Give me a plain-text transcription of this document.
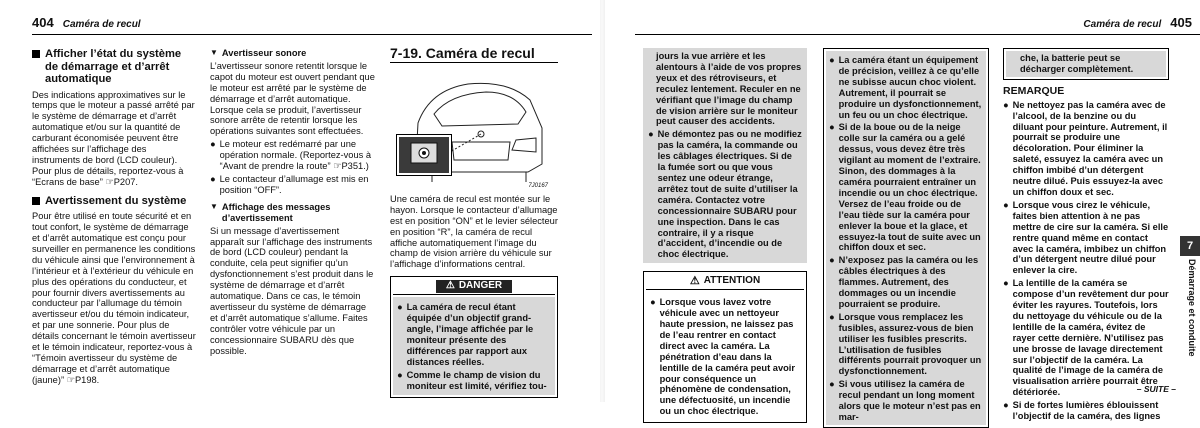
404 Caméra de recul
Afficher l’état du système de démarrage et d’arrêt automatique

Des indications approximatives sur le temps que le moteur a passé arrêté par le système de démarrage et d’arrêt automatique et/ou sur la quantité de carburant économisée peuvent être affichées sur l’affichage des instruments de bord (LCD couleur). Pour plus de détails, reportez-vous à “Ecrans de base” ☞P207.

Avertissement du système

Pour être utilisé en toute sécurité et en tout confort, le système de démarrage et d’arrêt automatique est conçu pour surveiller en permanence les conditions du véhicule ainsi que l’environnement à l’intérieur et à l’extérieur du véhicule en plus des opérations du conducteur, et pour fournir divers avertissements au conducteur par l’allumage du témoin avertisseur et/ou du témoin indicateur, et par une sonnerie. Pour plus de détails concernant le témoin avertisseur et le témoin indicateur, reportez-vous à “Témoin avertisseur du système de démarrage et d’arrêt automatique (jaune)” ☞P198.

▼ Avertisseur sonore

L’avertisseur sonore retentit lorsque le capot du moteur est ouvert pendant que le moteur est arrêté par le système de démarrage et d’arrêt automatique.

Lorsque cela se produit, l’avertisseur sonore arrête de retentir lorsque les opérations suivantes sont effectuées.

● Le moteur est redémarré par une opération normale. (Reportez-vous à “Avant de prendre la route” ☞P351.)
● Le contacteur d’allumage est mis en position “OFF”.
▼ Affichage des messages d’avertissement

Si un message d’avertissement apparaît sur l’affichage des instruments de bord (LCD couleur) pendant la conduite, cela peut signifier qu’un dysfonctionnement s’est produit dans le système de démarrage et d’arrêt automatique. Dans ce cas, le témoin avertisseur du système de démarrage et d’arrêt automatique s’allume. Faites contrôler votre véhicule par un concessionnaire SUBARU dès que possible.

7-19. Caméra de recul
7J0167

Une caméra de recul est montée sur le hayon. Lorsque le contacteur d’allumage est en position “ON” et le levier sélecteur en position “R”, la caméra de recul affiche automatiquement l’image du champ de vision arrière du véhicule sur l’affichage d’informations central.

⚠ DANGER
● La caméra de recul étant équipée d’un objectif grand-angle, l’image affichée par le moniteur présente des différences par rapport aux distances réelles.
● Comme le champ de vision du moniteur est limité, vérifiez tou-
Caméra de recul 405

jours la vue arrière et les alentours à l’aide de vos propres yeux et des rétroviseurs, et reculez lentement. Reculer en ne vérifiant que l’image du champ de vision arrière sur le moniteur peut causer des accidents.

● Ne démontez pas ou ne modifiez pas la caméra, la commande ou les câblages électriques. Si de la fumée sort ou que vous sentez une odeur étrange, arrêtez tout de suite d’utiliser la caméra. Contactez votre concessionnaire SUBARU pour une inspection. Dans le cas contraire, il y a risque d’accident, d’incendie ou de choc électrique.
⚠ ATTENTION
● Lorsque vous lavez votre véhicule avec un nettoyeur haute pression, ne laissez pas de l’eau rentrer en contact direct avec la caméra. La pénétration d’eau dans la lentille de la caméra peut avoir pour conséquence un phénomène de condensation, une défectuosité, un incendie ou un choc électrique.
● La caméra étant un équipement de précision, veillez à ce qu’elle ne subisse aucun choc violent. Autrement, il pourrait se produire un dysfonctionnement, un feu ou un choc électrique.
● Si de la boue ou de la neige colle sur la caméra ou a gelé dessus, vous devez être très vigilant au moment de l’extraire. Sinon, des dommages à la caméra pourraient entraîner un incendie ou un choc électrique. Versez de l’eau froide ou de l’eau tiède sur la caméra pour enlever la boue et la glace, et essuyez-la tout de suite avec un chiffon doux et sec.
● N’exposez pas la caméra ou les câbles électriques à des flammes. Autrement, des dommages ou un incendie pourraient se produire.
● Lorsque vous remplacez les fusibles, assurez-vous de bien utiliser les fusibles prescrits. L’utilisation de fusibles différents pourrait provoquer un dysfonctionnement.
● Si vous utilisez la caméra de recul pendant un long moment alors que le moteur n’est pas en mar-

che, la batterie peut se décharger complètement.

REMARQUE
● Ne nettoyez pas la caméra avec de l’alcool, de la benzine ou du diluant pour peinture. Autrement, il pourrait se produire une décoloration. Pour éliminer la saleté, essuyez la caméra avec un chiffon imbibé d’un détergent neutre dilué. Puis essuyez-la avec un chiffon doux et sec.
● Lorsque vous cirez le véhicule, faites bien attention à ne pas mettre de cire sur la caméra. Si elle rentre quand même en contact avec la caméra, imbibez un chiffon d’un détergent neutre dilué pour enlever la cire.
● La lentille de la caméra se compose d’un revêtement dur pour éviter les rayures. Toutefois, lors du nettoyage du véhicule ou de la lentille de la caméra, évitez de rayer cette dernière. N’utilisez pas une brosse de lavage directement sur l’objectif de la caméra. La qualité de l’image de la caméra de visualisation arrière pourrait être détériorée.
● Si de fortes lumières éblouissent l’objectif de la caméra, des lignes
7
Démarrage et conduite
– SUITE –
